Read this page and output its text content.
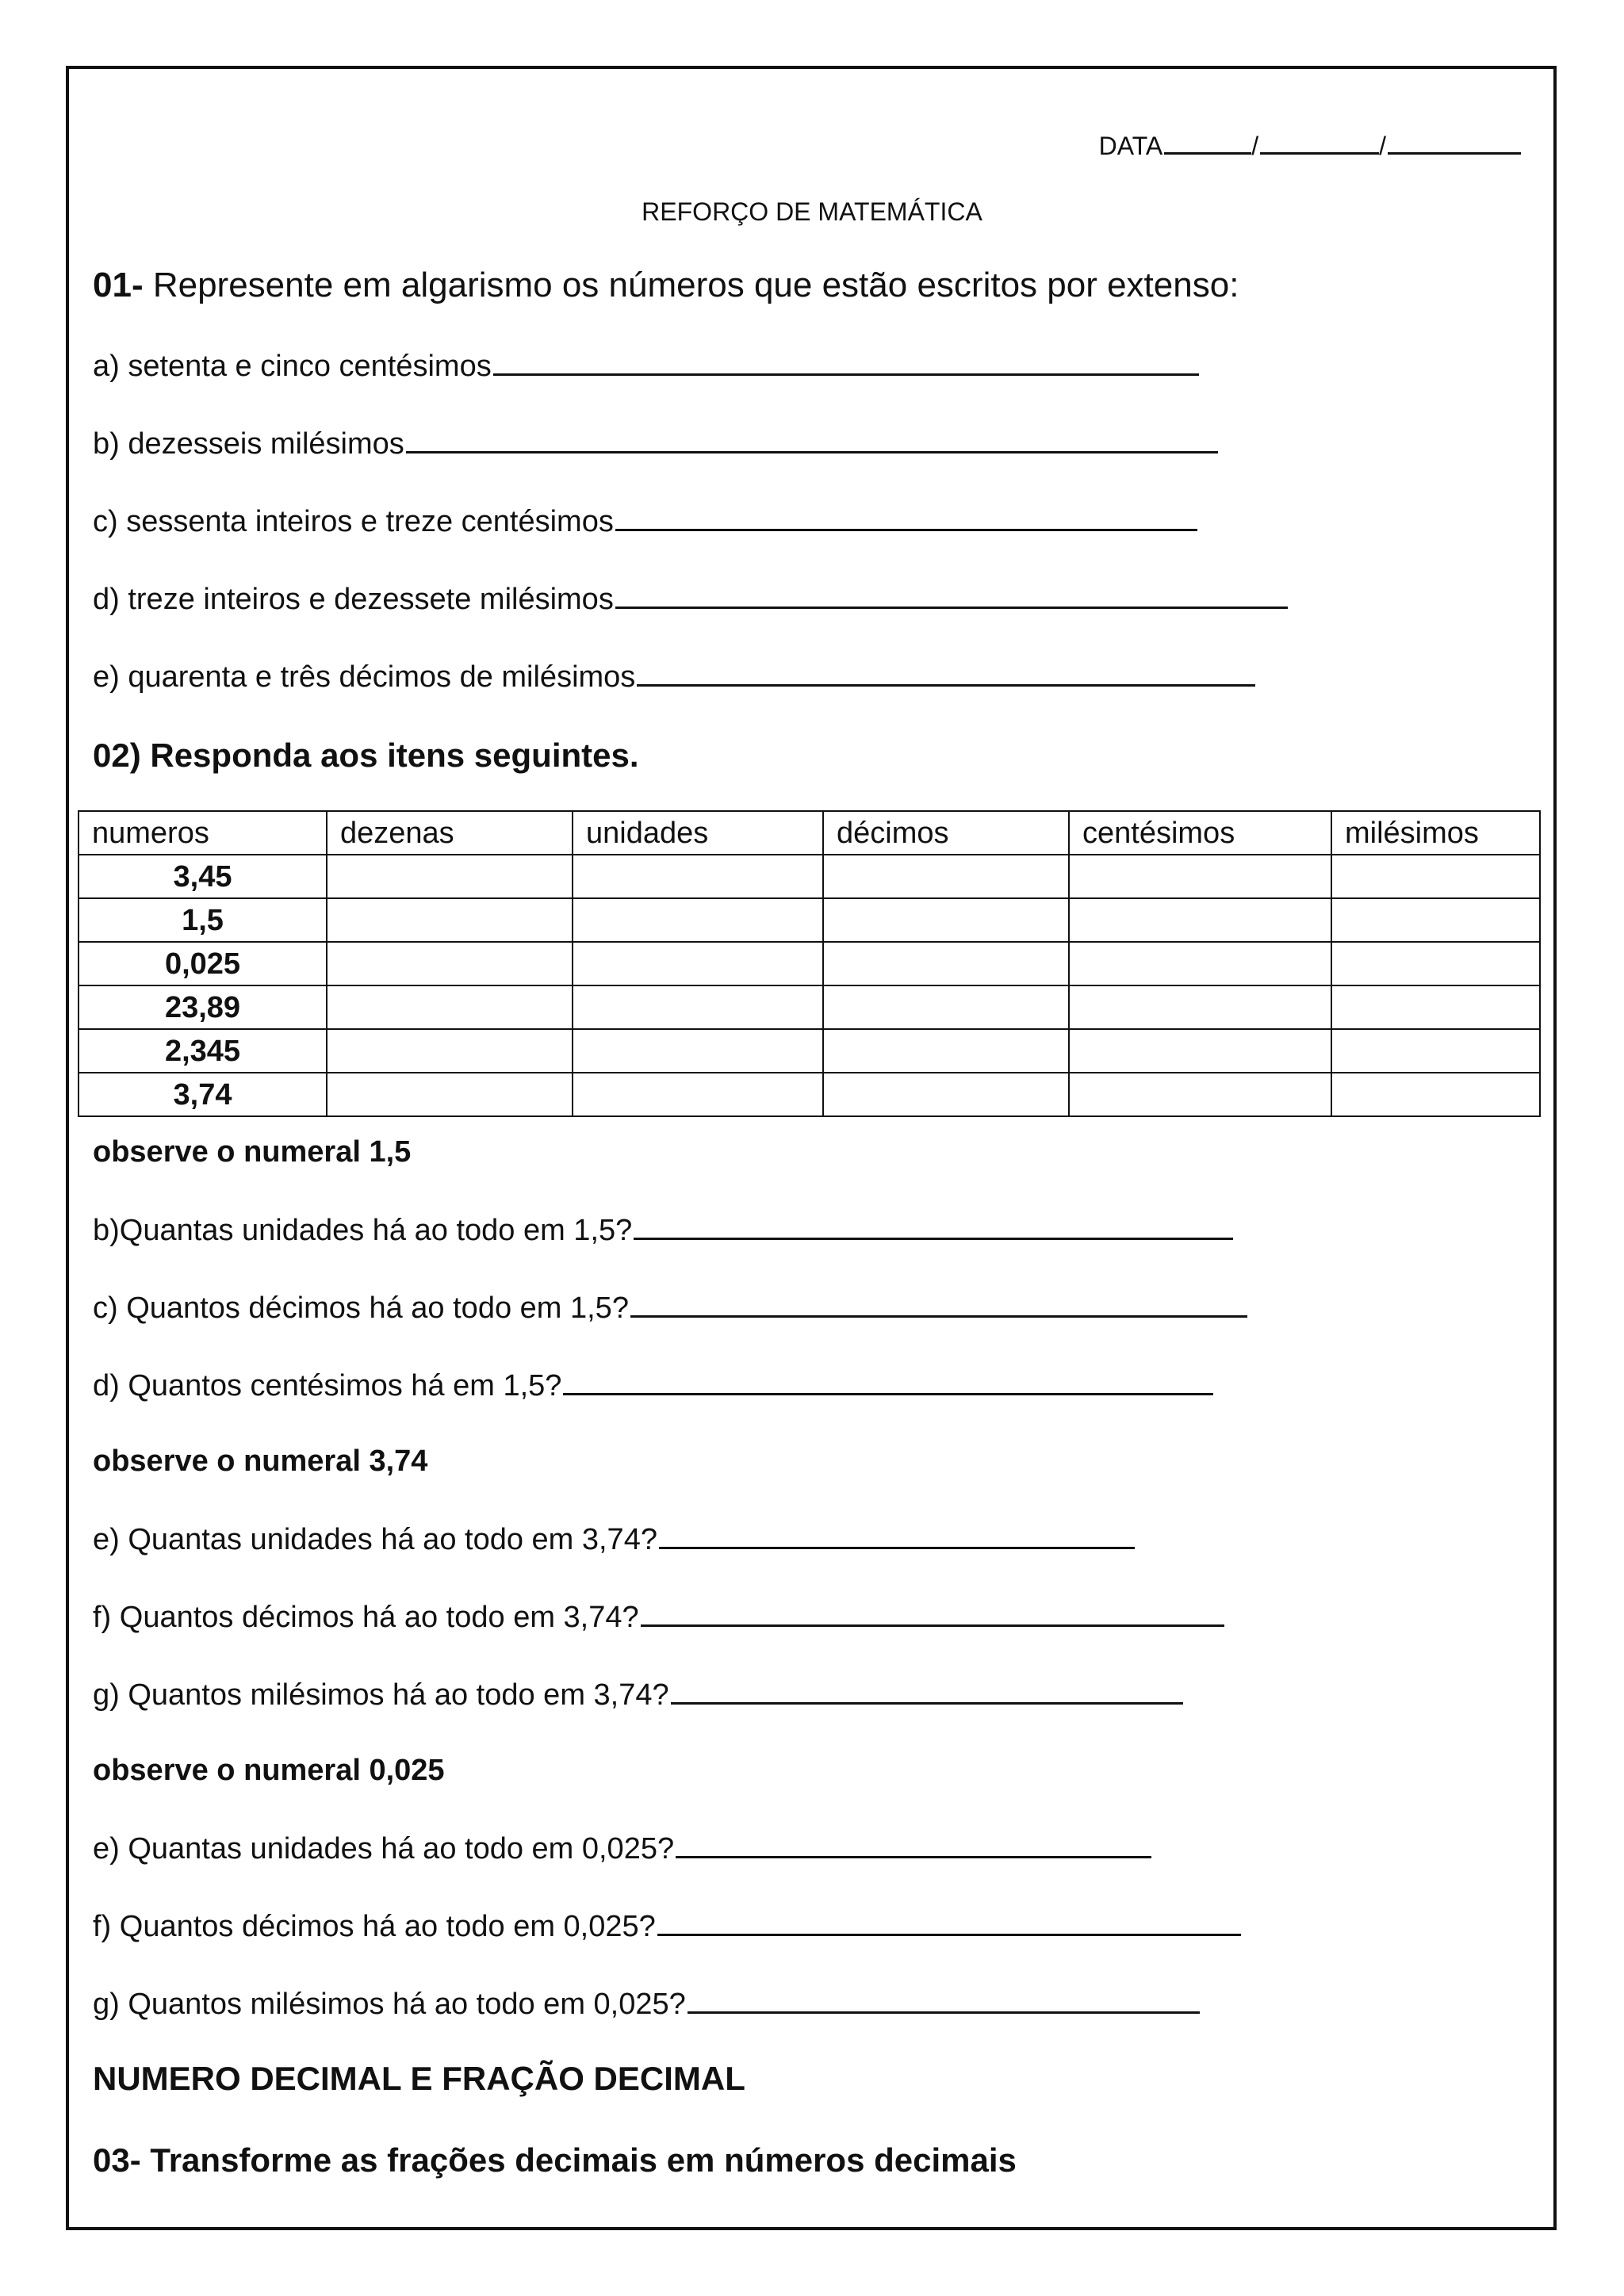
DATA	/	/
REFORÇO DE MATEMÁTICA
01- Represente em algarismo os números que estão escritos por extenso:
a) setenta e cinco centésimos
b) dezesseis milésimos
c) sessenta inteiros e treze centésimos
d) treze inteiros e dezessete milésimos
e) quarenta e três décimos de milésimos
02) Responda aos itens seguintes.
numeros	dezenas	unidades	décimos	centésimos	milésimos
3,45					
1,5					
0,025					
23,89					
2,345					
3,74					
observe o numeral 1,5
b)Quantas unidades há ao todo em 1,5?
c) Quantos décimos há ao todo em 1,5?
d) Quantos centésimos há em 1,5?
observe o numeral 3,74
e) Quantas unidades há ao todo em 3,74?
f) Quantos décimos há ao todo em 3,74?
g) Quantos milésimos há ao todo em 3,74?
observe o numeral 0,025
e) Quantas unidades há ao todo em 0,025?
f) Quantos décimos há ao todo em 0,025?
g) Quantos milésimos há ao todo em 0,025?
NUMERO DECIMAL E FRAÇÃO DECIMAL
03- Transforme as frações decimais em números decimais
